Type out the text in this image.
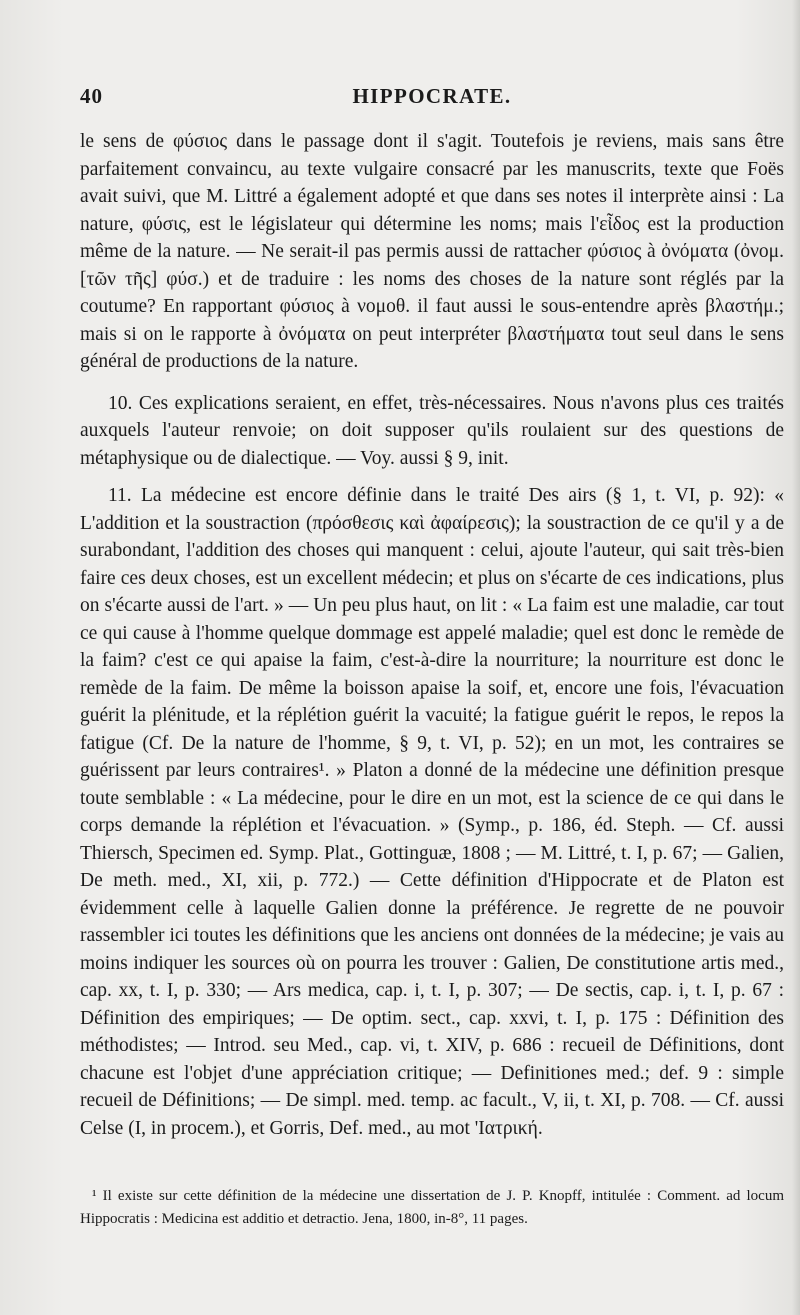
40	HIPPOCRATE.

le sens de φύσιος dans le passage dont il s'agit. Toutefois je reviens, mais sans être parfaitement convaincu, au texte vulgaire consacré par les manuscrits, texte que Foës avait suivi, que M. Littré a également adopté et que dans ses notes il interprète ainsi : La nature, φύσις, est le législateur qui détermine les noms; mais l'εἶδος est la production même de la nature. — Ne serait-il pas permis aussi de rattacher φύσιος à ὀνόματα (ὀνομ. [τῶν τῆς] φύσ.) et de traduire : les noms des choses de la nature sont réglés par la coutume? En rapportant φύσιος à νομοθ. il faut aussi le sous-entendre après βλαστήμ.; mais si on le rapporte à ὀνόματα on peut interpréter βλαστήματα tout seul dans le sens général de productions de la nature.

10. Ces explications seraient, en effet, très-nécessaires. Nous n'avons plus ces traités auxquels l'auteur renvoie; on doit supposer qu'ils roulaient sur des questions de métaphysique ou de dialectique. — Voy. aussi § 9, init.

11. La médecine est encore définie dans le traité Des airs (§ 1, t. VI, p. 92): « L'addition et la soustraction (πρόσθεσις καὶ ἀφαίρεσις); la soustraction de ce qu'il y a de surabondant, l'addition des choses qui manquent : celui, ajoute l'auteur, qui sait très-bien faire ces deux choses, est un excellent médecin; et plus on s'écarte de ces indications, plus on s'écarte aussi de l'art. » — Un peu plus haut, on lit : « La faim est une maladie, car tout ce qui cause à l'homme quelque dommage est appelé maladie; quel est donc le remède de la faim? c'est ce qui apaise la faim, c'est-à-dire la nourriture; la nourriture est donc le remède de la faim. De même la boisson apaise la soif, et, encore une fois, l'évacuation guérit la plénitude, et la réplétion guérit la vacuité; la fatigue guérit le repos, le repos la fatigue (Cf. De la nature de l'homme, § 9, t. VI, p. 52); en un mot, les contraires se guérissent par leurs contraires¹. » Platon a donné de la médecine une définition presque toute semblable : « La médecine, pour le dire en un mot, est la science de ce qui dans le corps demande la réplétion et l'évacuation. » (Symp., p. 186, éd. Steph. — Cf. aussi Thiersch, Specimen ed. Symp. Plat., Gottinguæ, 1808 ; — M. Littré, t. I, p. 67; — Galien, De meth. med., XI, xii, p. 772.) — Cette définition d'Hippocrate et de Platon est évidemment celle à laquelle Galien donne la préférence. Je regrette de ne pouvoir rassembler ici toutes les définitions que les anciens ont données de la médecine; je vais au moins indiquer les sources où on pourra les trouver : Galien, De constitutione artis med., cap. xx, t. I, p. 330; — Ars medica, cap. i, t. I, p. 307; — De sectis, cap. i, t. I, p. 67 : Définition des empiriques; — De optim. sect., cap. xxvi, t. I, p. 175 : Définition des méthodistes; — Introd. seu Med., cap. vi, t. XIV, p. 686 : recueil de Définitions, dont chacune est l'objet d'une appréciation critique; — Definitiones med.; def. 9 : simple recueil de Définitions; — De simpl. med. temp. ac facult., V, ii, t. XI, p. 708. — Cf. aussi Celse (I, in procem.), et Gorris, Def. med., au mot 'Ιατρική.

¹ Il existe sur cette définition de la médecine une dissertation de J. P. Knopff, intitulée : Comment. ad locum Hippocratis : Medicina est additio et detractio. Jena, 1800, in-8°, 11 pages.
